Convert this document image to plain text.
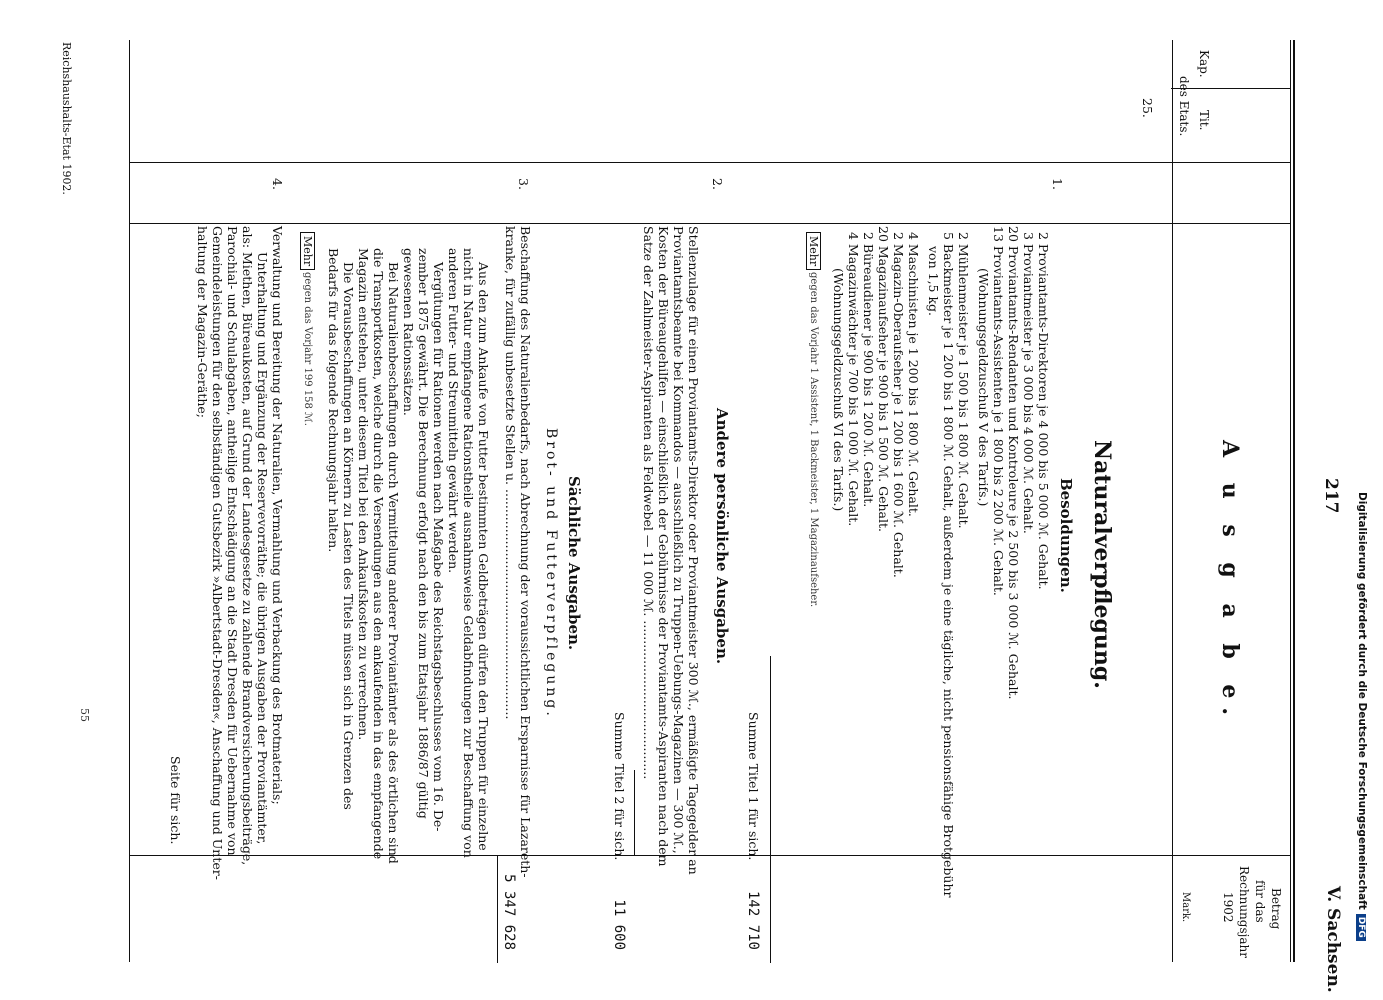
217
V. Sachsen.
Kap.
Tit.
des Etats.
A u s g a b e.
Betrag
für das
Rechnungsjahr
1902
Mark.
25.
Naturalverpflegung.
1.
Besoldungen.
2 Proviantamts-Direktoren je 4 000 bis 5 000 ℳ. Gehalt.
3 Proviantmeister je 3 000 bis 4 000 ℳ. Gehalt.
20 Proviantamts-Rendanten und Kontroleure je 2 500 bis 3 000 ℳ. Gehalt.
13 Proviantamts-Assistenten je 1 800 bis 2 200 ℳ. Gehalt.
(Wohnungsgeldzuschuß V des Tarifs.)
2 Mühlenmeister je 1 500 bis 1 800 ℳ. Gehalt.
5 Backmeister je 1 200 bis 1 800 ℳ. Gehalt, außerdem je eine tägliche, nicht pensionsfähige Brotgebühr
von 1,5 kg.
4 Maschinisten je 1 200 bis 1 800 ℳ. Gehalt.
2 Magazin-Oberaufseher je 1 200 bis 1 600 ℳ. Gehalt.
20 Magazinaufseher je 900 bis 1 500 ℳ. Gehalt.
2 Büreaudiener je 900 bis 1 200 ℳ. Gehalt.
4 Magazinwächter je 700 bis 1 000 ℳ. Gehalt.
(Wohnungsgeldzuschuß VI des Tarifs.)
Mehr
gegen das Vorjahr 1 Assistent, 1 Backmeister, 1 Magazinaufseher.
Summe Titel 1 für sich.
142 710
2.
Andere persönliche Ausgaben.
Stellenzulage für einen Proviantamts-Direktor oder Proviantmeister 300 ℳ., ermäßigte Tagegelder an
Proviantamtsbeamte bei Kommandos — ausschließlich zu Truppen-Uebungs-Magazinen — 300 ℳ.,
Kosten der Büreaugehilfen — einschließlich der Gebührnisse der Proviantamts-Aspiranten nach dem
Satze der Zahlmeister-Aspiranten als Feldwebel — 11 000 ℳ. ........................................
Summe Titel 2 für sich.
11 600
Sächliche Ausgaben.
Brot- und Futterverpflegung.
3.
Beschaffung des Naturalienbedarfs, nach Abrechnung der voraussichtlichen Ersparnisse für Lazareth-
kranke, für zufällig unbesetzte Stellen u. ..........................................................
5 347 628
Aus den zum Ankaufe von Futter bestimmten Geldbeträgen dürfen den Truppen für einzelne
nicht in Natur empfangene Rationstheile ausnahmsweise Geldabfindungen zur Beschaffung von
anderen Futter- und Streumitteln gewährt werden.
Vergütungen für Rationen werden nach Maßgabe des Reichstagsbeschlusses vom 16. De-
zember 1875 gewährt. Die Berechnung erfolgt nach den bis zum Etatsjahr 1886/87 gültig
gewesenen Rationssätzen.
Bei Naturalienbeschaffungen durch Vermittelung anderer Proviantämter als des örtlichen sind
die Transportkosten, welche durch die Versendungen aus den ankaufenden in das empfangende
Magazin entstehen, unter diesem Titel bei den Ankaufskosten zu verrechnen.
Die Vorausbeschaffungen an Körnern zu Lasten des Titels müssen sich in Grenzen des
Bedarfs für das folgende Rechnungsjahr halten.
Mehr
gegen das Vorjahr 199 158 ℳ.
4.
Verwaltung und Bereitung der Naturalien, Vermahlung und Verbackung des Brotmaterials;
Unterhaltung und Ergänzung der Reservevorräthe; die übrigen Ausgaben der Proviantämter,
als: Miethen, Büreaukosten, auf Grund der Landesgesetze zu zahlende Brandversicherungsbeiträge,
Parochial- und Schulabgaben, antheilige Entschädigung an die Stadt Dresden für Uebernahme von
Gemeindeleistungen für den selbständigen Gutsbezirk »Albertstadt-Dresden«, Anschaffung und Unter-
haltung der Magazin-Geräthe;
Seite für sich.
Reichshaushalts-Etat 1902.
55	Digitalisierung gefördert durch die Deutsche ForschungsgemeinschaftDFG
